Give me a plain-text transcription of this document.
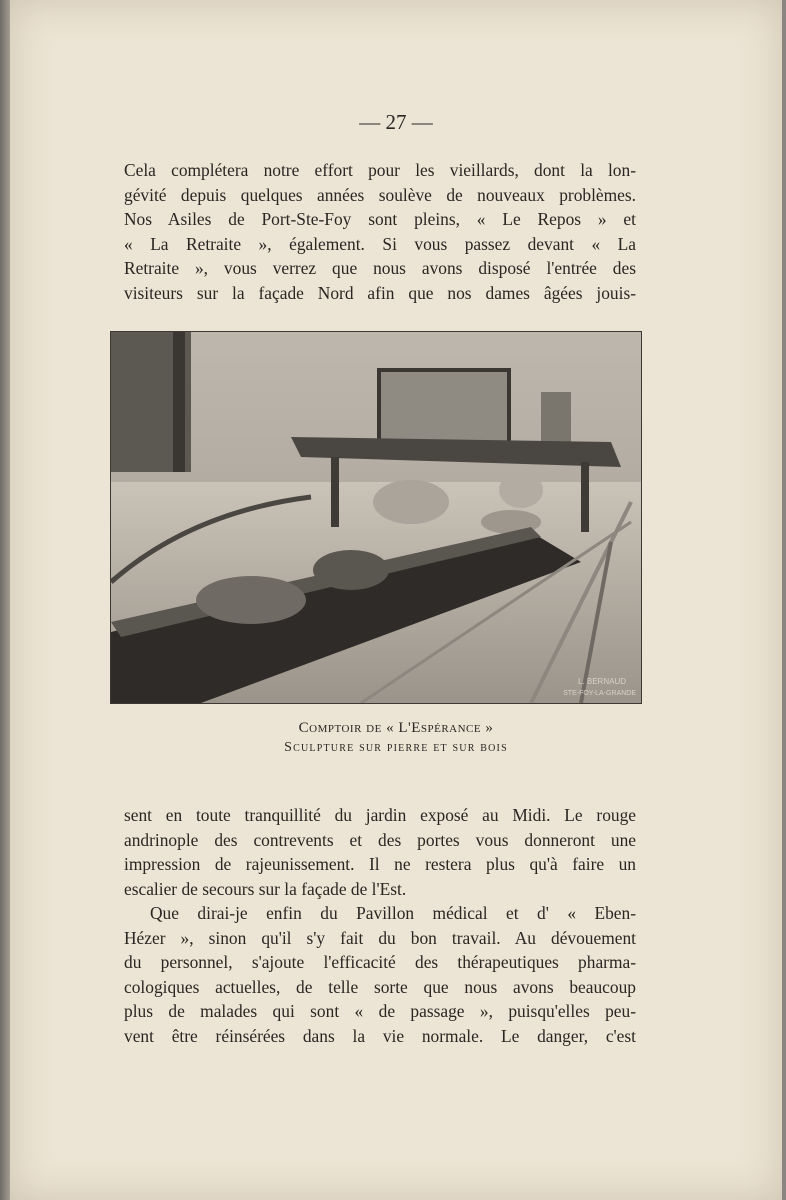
— 27 —
Cela complétera notre effort pour les vieillards, dont la lon-
gévité depuis quelques années soulève de nouveaux problèmes.
Nos Asiles de Port-Ste-Foy sont pleins, « Le Repos » et
« La Retraite », également. Si vous passez devant « La
Retraite », vous verrez que nous avons disposé l'entrée des
visiteurs sur la façade Nord afin que nos dames âgées jouis-
L. BERNAUD
STE-FOY-LA-GRANDE
Comptoir de « L'Espérance »
Sculpture sur pierre et sur bois
sent en toute tranquillité du jardin exposé au Midi. Le rouge
andrinople des contrevents et des portes vous donneront une
impression de rajeunissement. Il ne restera plus qu'à faire un
escalier de secours sur la façade de l'Est.
Que dirai-je enfin du Pavillon médical et d' « Eben-
Hézer », sinon qu'il s'y fait du bon travail. Au dévouement
du personnel, s'ajoute l'efficacité des thérapeutiques pharma-
cologiques actuelles, de telle sorte que nous avons beaucoup
plus de malades qui sont « de passage », puisqu'elles peu-
vent être réinsérées dans la vie normale. Le danger, c'est
